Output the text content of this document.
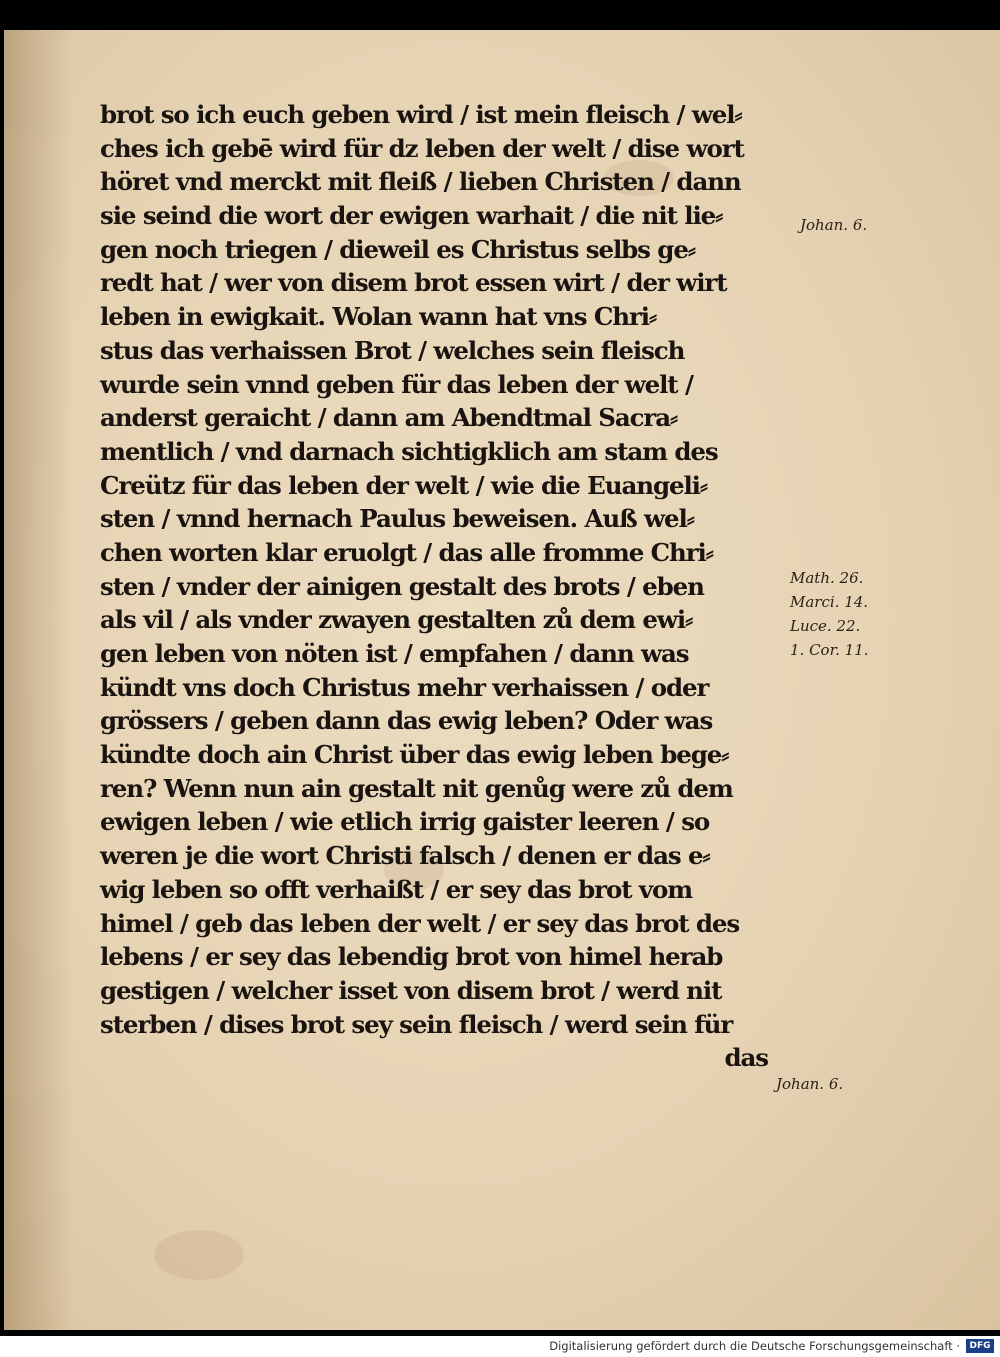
brot so ich euch geben wird / ist mein fleisch / wel⸗
ches ich gebē wird für dz leben der welt / dise wort
höret vnd merckt mit fleiß / lieben Christen / dann
sie seind die wort der ewigen warhait / die nit lie⸗
gen noch triegen / dieweil es Christus selbs ge⸗
redt hat / wer von disem brot essen wirt / der wirt
leben in ewigkait. Wolan wann hat vns Chri⸗
stus das verhaissen Brot / welches sein fleisch
wurde sein vnnd geben für das leben der welt /
anderst geraicht / dann am Abendtmal Sacra⸗
mentlich / vnd darnach sichtigklich am stam des
Creütz für das leben der welt / wie die Euangeli⸗
sten / vnnd hernach Paulus beweisen. Auß wel⸗
chen worten klar eruolgt / das alle fromme Chri⸗
sten / vnder der ainigen gestalt des brots / eben
als vil / als vnder zwayen gestalten zů dem ewi⸗
gen leben von nöten ist / empfahen / dann was
kündt vns doch Christus mehr verhaissen / oder
grössers / geben dann das ewig leben? Oder was
kündte doch ain Christ über das ewig leben bege⸗
ren? Wenn nun ain gestalt nit genůg were zů dem
ewigen leben / wie etlich irrig gaister leeren / so
weren je die wort Christi falsch / denen er das e⸗
wig leben so offt verhaißt / er sey das brot vom
himel / geb das leben der welt / er sey das brot des
lebens / er sey das lebendig brot von himel herab
gestigen / welcher isset von disem brot / werd nit
sterben / dises brot sey sein fleisch / werd sein für
das
Johan. 6.
Math. 26.
Marci. 14.
Luce. 22.
1. Cor. 11.
Johan. 6.
Digitalisierung gefördert durch die Deutsche Forschungsgemeinschaft ·	DFG
